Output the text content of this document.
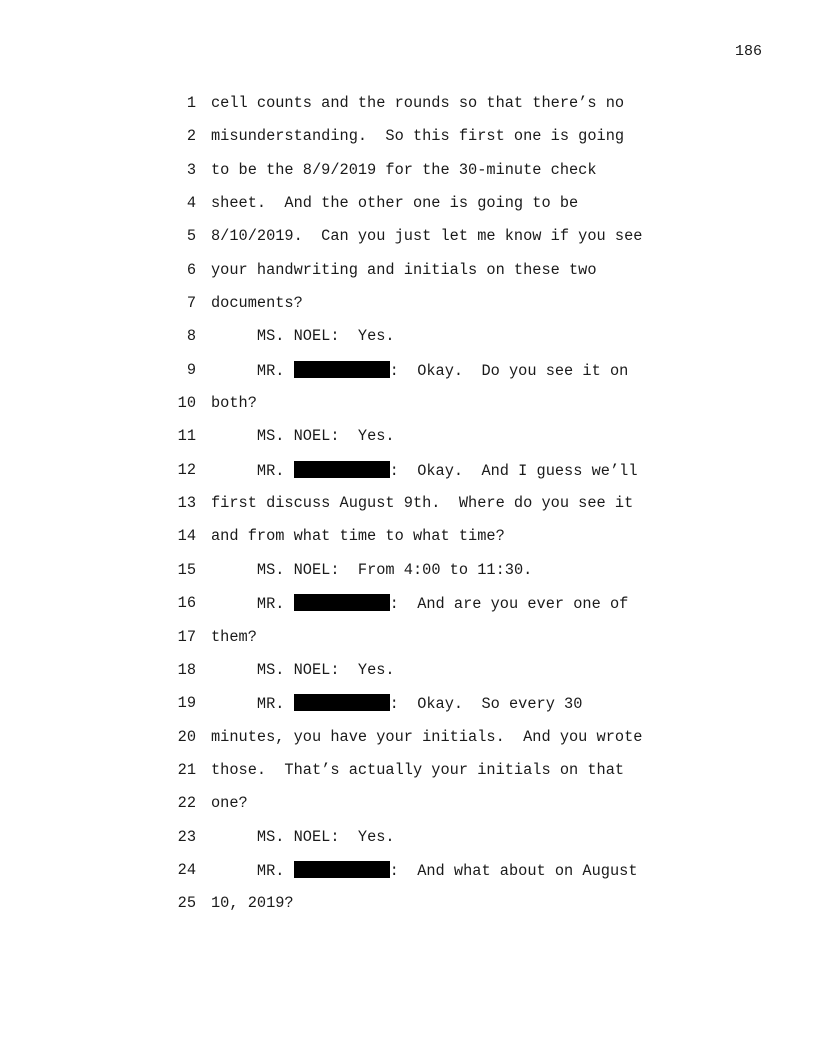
186
1 cell counts and the rounds so that there’s no
2 misunderstanding.  So this first one is going
3 to be the 8/9/2019 for the 30-minute check
4 sheet.  And the other one is going to be
5 8/10/2019.  Can you just let me know if you see
6 your handwriting and initials on these two
7 documents?
8	MS. NOEL: Yes.
9	MR.	:  Okay.  Do you see it on
10 both?
11	MS. NOEL: Yes.
12	MR.	:  Okay.  And I guess we’ll
13 first discuss August 9th.  Where do you see it
14 and from what time to what time?
15	MS. NOEL: From 4:00 to 11:30.
16	MR.	:  And are you ever one of
17 them?
18	MS. NOEL: Yes.
19	MR.	:  Okay.  So every 30
20 minutes, you have your initials.  And you wrote
21 those.  That’s actually your initials on that
22 one?
23	MS. NOEL: Yes.
24	MR.	:  And what about on August
25 10, 2019?
